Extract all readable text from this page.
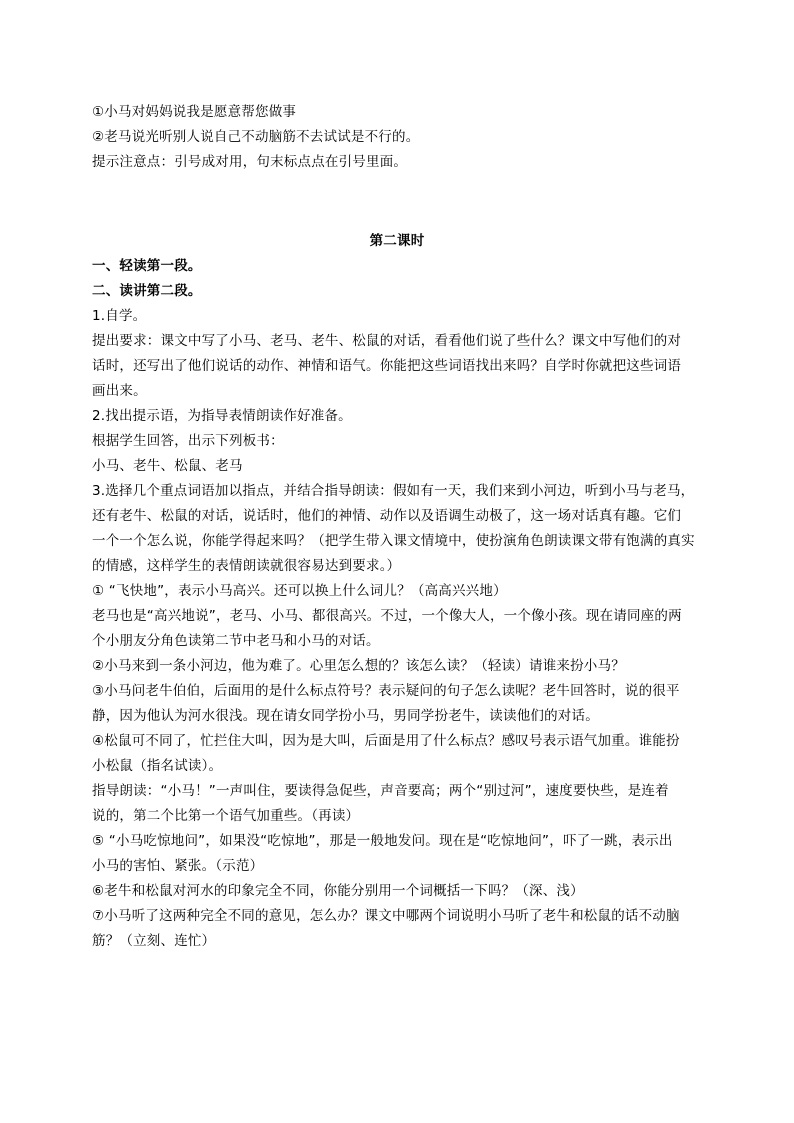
①小马对妈妈说我是愿意帮您做事
②老马说光听别人说自己不动脑筋不去试试是不行的。
提示注意点：引号成对用，句末标点点在引号里面。
第二课时
一、轻读第一段。
二、读讲第二段。
1.自学。
提出要求：课文中写了小马、老马、老牛、松鼠的对话，看看他们说了些什么？课文中写他们的对
话时，还写出了他们说话的动作、神情和语气。你能把这些词语找出来吗？自学时你就把这些词语
画出来。
2.找出提示语，为指导表情朗读作好准备。
根据学生回答，出示下列板书：
小马、老牛、松鼠、老马
3.选择几个重点词语加以指点，并结合指导朗读：假如有一天，我们来到小河边，听到小马与老马，
还有老牛、松鼠的对话，说话时，他们的神情、动作以及语调生动极了，这一场对话真有趣。它们
一个一个怎么说，你能学得起来吗？（把学生带入课文情境中，使扮演角色朗读课文带有饱满的真实
的情感，这样学生的表情朗读就很容易达到要求。）
① “飞快地”，表示小马高兴。还可以换上什么词儿？（高高兴兴地）
老马也是“高兴地说”，老马、小马、都很高兴。不过，一个像大人，一个像小孩。现在请同座的两
个小朋友分角色读第二节中老马和小马的对话。
②小马来到一条小河边，他为难了。心里怎么想的？该怎么读？（轻读）请谁来扮小马？
③小马问老牛伯伯，后面用的是什么标点符号？表示疑问的句子怎么读呢？老牛回答时，说的很平
静，因为他认为河水很浅。现在请女同学扮小马，男同学扮老牛，读读他们的对话。
④松鼠可不同了，忙拦住大叫，因为是大叫，后面是用了什么标点？感叹号表示语气加重。谁能扮
小松鼠（指名试读）。
指导朗读：“小马！”一声叫住，要读得急促些，声音要高；两个“别过河”，速度要快些，是连着
说的，第二个比第一个语气加重些。（再读）
⑤ “小马吃惊地问”，如果没“吃惊地”，那是一般地发问。现在是“吃惊地问”，吓了一跳，表示出
小马的害怕、紧张。（示范）
⑥老牛和松鼠对河水的印象完全不同，你能分别用一个词概括一下吗？（深、浅）
⑦小马听了这两种完全不同的意见，怎么办？课文中哪两个词说明小马听了老牛和松鼠的话不动脑
筋？（立刻、连忙）
